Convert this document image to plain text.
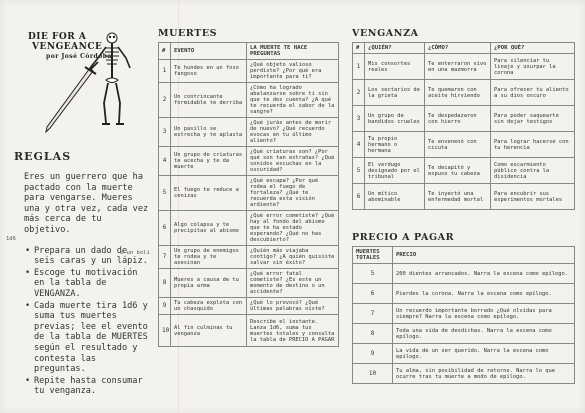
DIE FOR A
VENGEANCE
por José Córdoba
REGLAS

Eres un guerrero que ha pactado con la muerte para vengarse. Mueres una y otra vez, cada vez más cerca de tu objetivo.

• Prepara un dado de seis caras y un lápiz.
• Escoge tu motivación en la tabla de VENGANZA.
• Cada muerte tira 1d6 y suma tus muertes previas; lee el evento de la tabla de MUERTES según el resultado y contesta las preguntas.
• Repite hasta consumar tu venganza.
1d6
o un boli
MUERTES
#	EVENTO	LA MUERTE TE HACE PREGUNTAS
1	Te hundes en un foso fangoso	¿Qué objeto valioso perdiste? ¿Por qué era importante para ti?
2	Un contrincante formidable te derriba	¿Cómo ha logrado abalanzarse sobre ti sin que te des cuenta? ¿A qué te recuerda el sabor de la sangre?
3	Un pasillo se estrecha y te aplasta	¿Qué jurás antes de morir de nuevo? ¿Qué recuerdo evocas en tu último aliento?
4	Un grupo de criaturas te acecha y te da muerte	¿Qué criaturas son? ¿Por qué son tan extrañas? ¿Qué sonidos escuchas en la oscuridad?
5	El fuego te reduce a cenizas	¿Qué escapa? ¿Por qué rodea el fuego de fortaleza? ¿Qué te recuerda esta visión ardiente?
6	Algo colapsa y te precipitas al abismo	¿Qué error cometiste? ¿Qué hay al fondo del abismo que te ha estado esperando? ¿Qué no has descubierto?
7	Un grupo de enemigos te rodea y te asesinan	¿Quién más viajaba contigo? ¿A quién quisiste salvar sin éxito?
8	Mueres a causa de tu propia arma	¿Qué error fatal cometiste? ¿Es este un momento de destino o un accidente?
9	Tu cabeza explota con un chasquido	¿Qué lo provocó? ¿Qué últimas palabras oíste?
10	Al fin culminas tu venganza	Describe el instante. Lanza 1d6, suma tus muertes totales y consulta la tabla de PRECIO A PAGAR
VENGANZA
#	¿QUIÉN?	¿CÓMO?	¿POR QUÉ?
1	Mis consortes reales	Te enterraron vivo en una mazmorra	Para silenciar tu linaje y usurpar la corona
2	Los sectarios de la grieta	Te quemaron con aceite hirviendo	Para ofrecer tu aliento a su dios oscuro
3	Un grupo de bandidos crueles	Te despedazaron con hierro	Para poder saquearte sin dejar testigos
4	Tu propio hermano o hermana	Te envenenó con cicuta	Para lograr hacerse con tu herencia
5	El verdugo designado por el tribunal	Te decapitó y expuso tu cabeza	Como escarmiento público contra la disidencia
6	Un mítico abominable	Te inyectó una enfermedad mortal	Para encubrir sus experimentos mortales
PRECIO A PAGAR
MUERTES TOTALES	PRECIO
5	200 dientes arrancados. Narra la escena como epílogo.
6	Pierdes la corona. Narra la escena como epílogo.
7	Un recuerdo importante borrado ¿Qué olvidas para siempre? Narra la escena como epílogo.
8	Toda una vida de desdichas. Narra la escena como epílogo.
9	La vida de un ser querido. Narra la escena como epílogo.
10	Tu alma, sin posibilidad de retorno. Narra lo que ocurre tras tu muerte a modo de epílogo.
